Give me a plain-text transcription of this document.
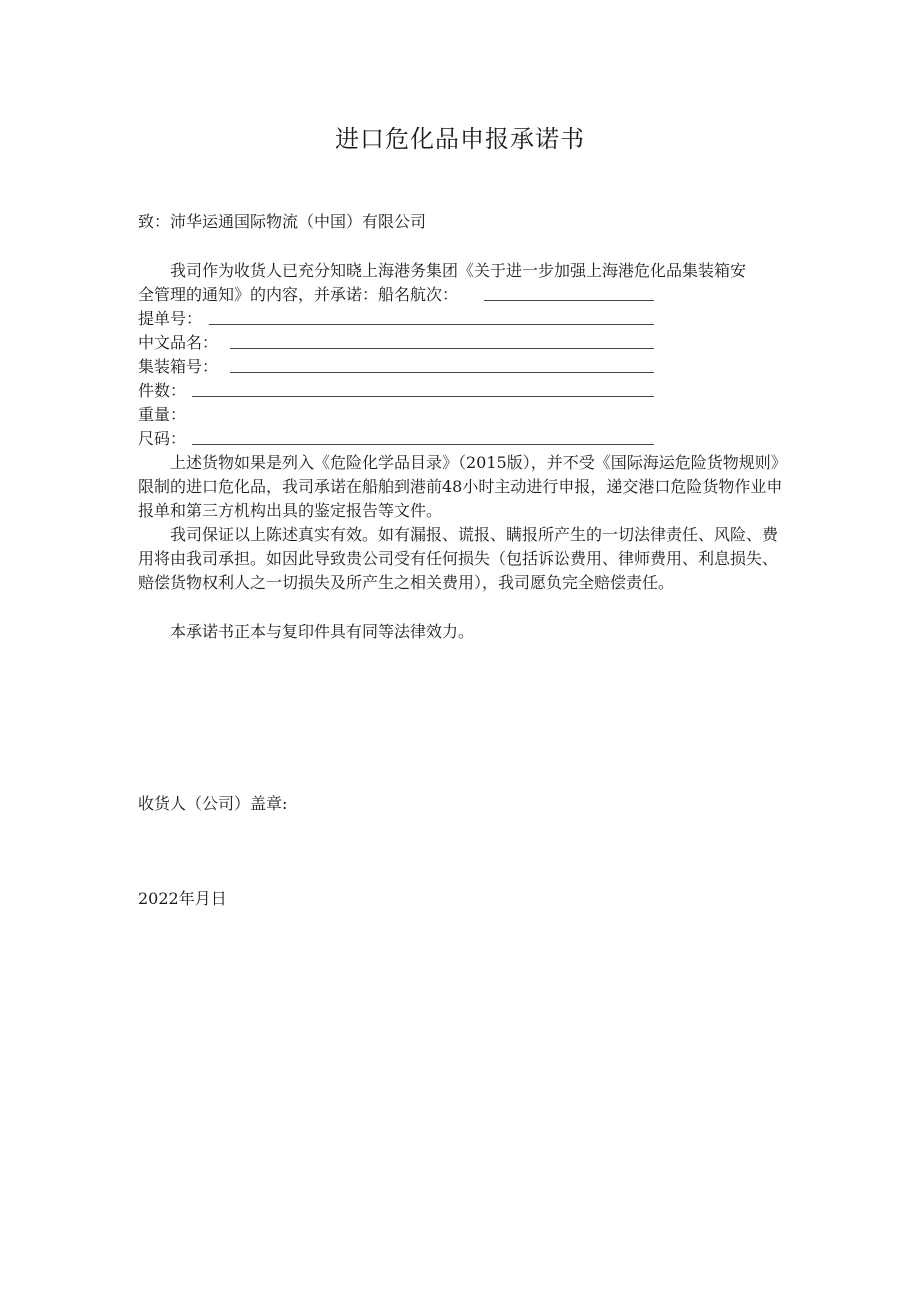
进口危化品申报承诺书
致：沛华运通国际物流（中国）有限公司

我司作为收货人已充分知晓上海港务集团《关于进一步加强上海港危化品集装箱安

全管理的通知》的内容，并承诺：船名航次：
提单号：
中文品名：
集装箱号：
件数：
重量：
尺码：

上述货物如果是列入《危险化学品目录》（2015版），并不受《国际海运危险货物规则》限制的进口危化品，我司承诺在船舶到港前48小时主动进行申报，递交港口危险货物作业申报单和第三方机构出具的鉴定报告等文件。

我司保证以上陈述真实有效。如有漏报、谎报、瞒报所产生的一切法律责任、风险、费用将由我司承担。如因此导致贵公司受有任何损失（包括诉讼费用、律师费用、利息损失、赔偿货物权利人之一切损失及所产生之相关费用），我司愿负完全赔偿责任。

本承诺书正本与复印件具有同等法律效力。

收货人（公司）盖章:
2022年月日
